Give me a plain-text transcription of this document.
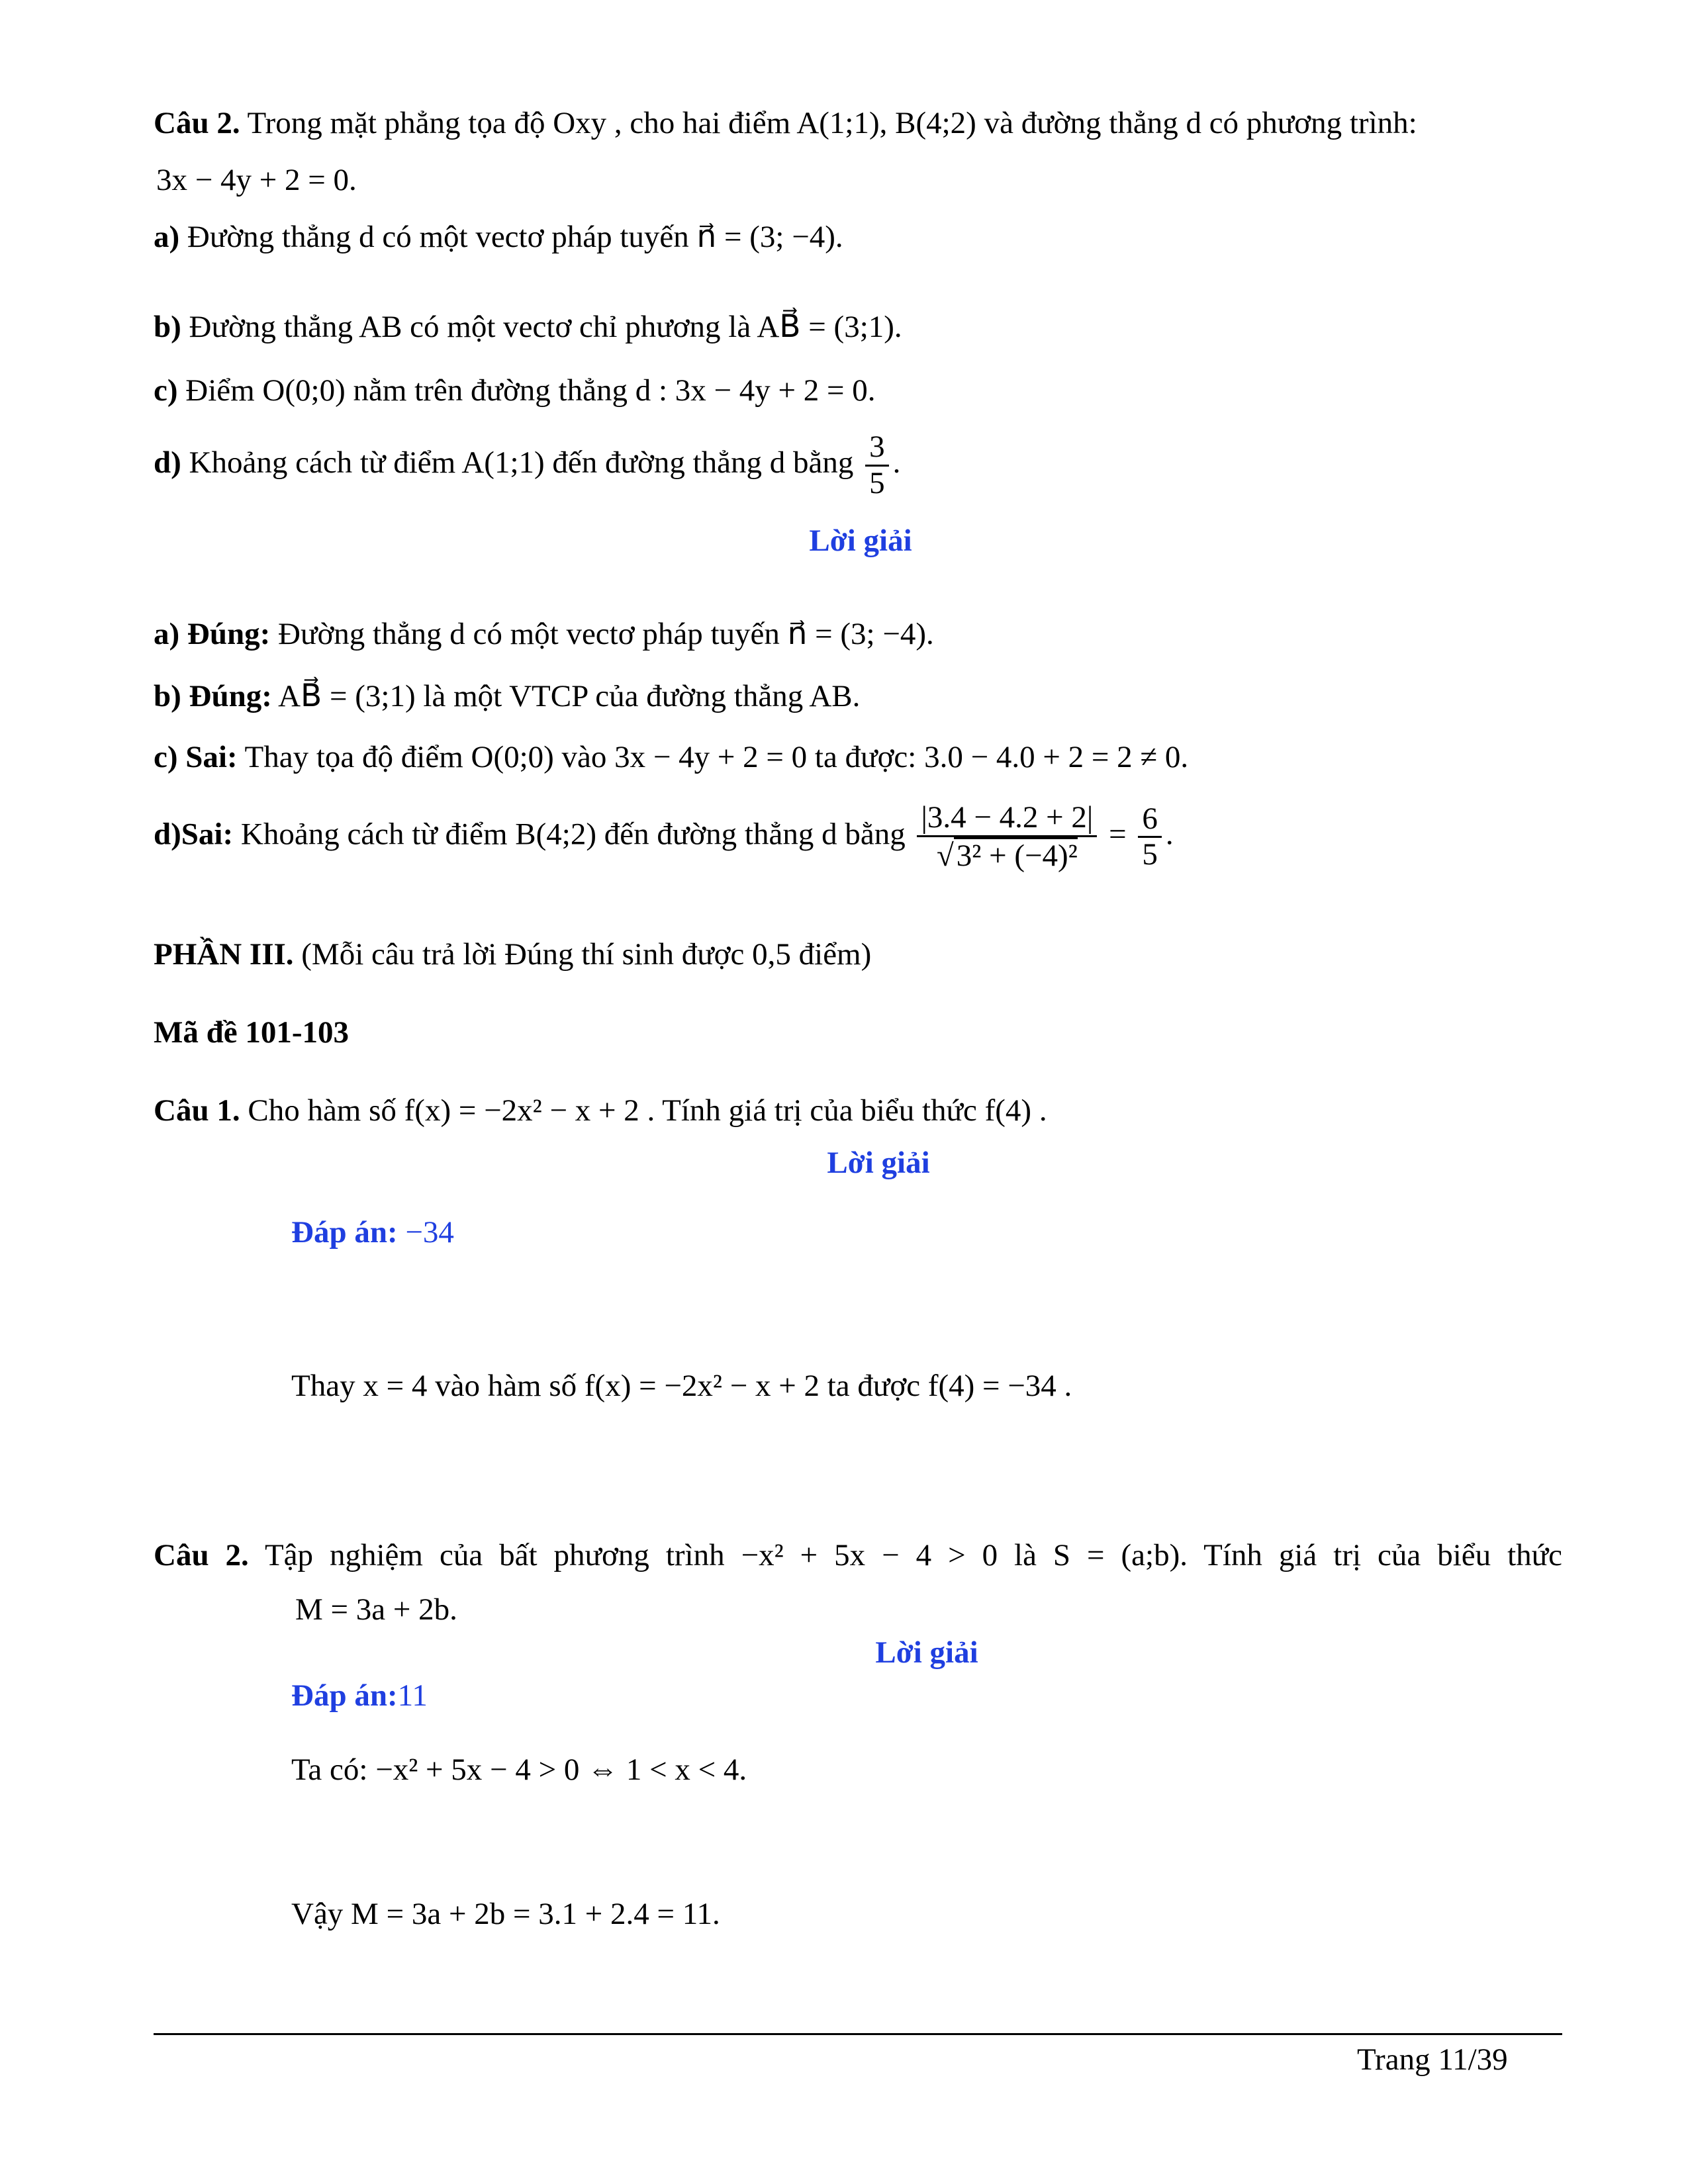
Câu 2. Trong mặt phẳng tọa độ Oxy , cho hai điểm A(1;1), B(4;2) và đường thẳng d có phương trình:
3x − 4y + 2 = 0.
a) Đường thẳng d có một vectơ pháp tuyến n⃗ = (3; −4).
b) Đường thẳng AB có một vectơ chỉ phương là AB⃗ = (3;1).
c) Điểm O(0;0) nằm trên đường thẳng d : 3x − 4y + 2 = 0.
d) Khoảng cách từ điểm A(1;1) đến đường thẳng d bằng $\frac{3}{5}$ .
Lời giải
a) Đúng: Đường thẳng d có một vectơ pháp tuyến n⃗ = (3; −4).
b) Đúng: AB⃗ = (3;1) là một VTCP của đường thẳng AB.
c) Sai: Thay tọa độ điểm O(0;0) vào 3x − 4y + 2 = 0 ta được: 3.0 − 4.0 + 2 = 2 ≠ 0.
d)Sai: Khoảng cách từ điểm B(4;2) đến đường thẳng d bằng $\frac{|3.4 - 4.2 + 2|}{\text{√3² + (−4)²}} = \frac{6}{5}$ .
PHẦN III. (Mỗi câu trả lời Đúng thí sinh được 0,5 điểm)
Mã đề 101-103
Câu 1. Cho hàm số f(x) = −2x² − x + 2 . Tính giá trị của biểu thức f(4) .
Lời giải
Đáp án: −34
Thay x = 4 vào hàm số f(x) = −2x² − x + 2 ta được f(4) = −34 .
Câu 2. Tập nghiệm của bất phương trình −x² + 5x − 4 > 0 là S = (a;b). Tính giá trị của biểu thức
M = 3a + 2b.
Lời giải
Đáp án:11
Ta có: −x² + 5x − 4 > 0 ⇔ 1 < x < 4.
Vậy M = 3a + 2b = 3.1 + 2.4 = 11.
Trang 11/39
